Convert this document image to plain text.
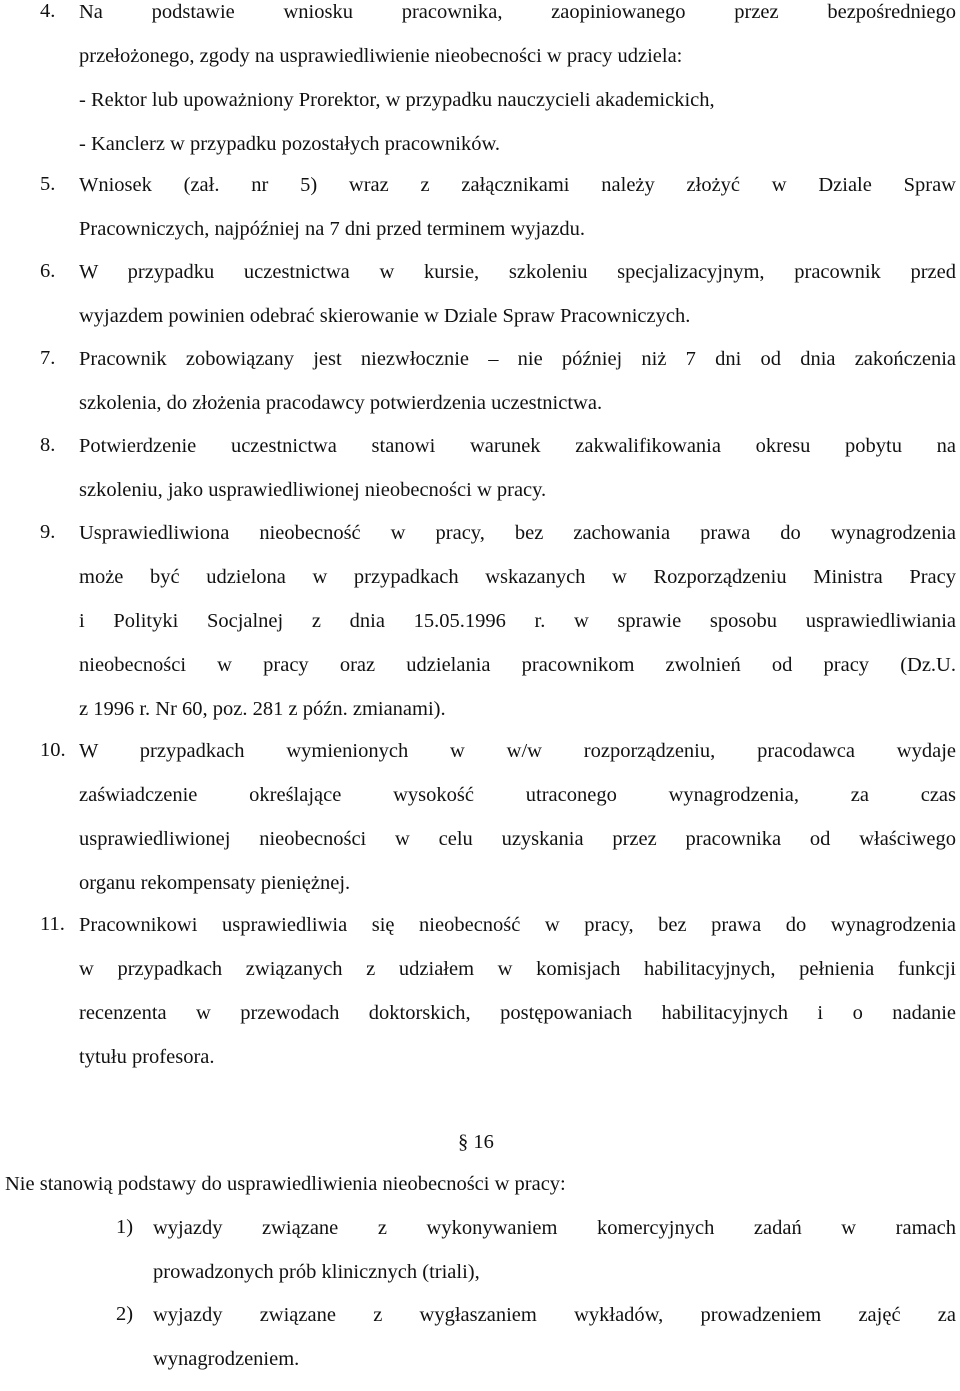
4. Na podstawie wniosku pracownika, zaopiniowanego przez bezpośredniego
przełożonego, zgody na usprawiedliwienie nieobecności w pracy udziela:
- Rektor lub upoważniony Prorektor, w przypadku nauczycieli akademickich,
- Kanclerz w przypadku pozostałych pracowników.
5. Wniosek (zał. nr 5) wraz z załącznikami należy złożyć w Dziale Spraw
Pracowniczych, najpóźniej na 7 dni przed terminem wyjazdu.
6. W przypadku uczestnictwa w kursie, szkoleniu specjalizacyjnym, pracownik przed
wyjazdem powinien odebrać skierowanie w Dziale Spraw Pracowniczych.
7. Pracownik zobowiązany jest niezwłocznie – nie później niż 7 dni od dnia zakończenia
szkolenia, do złożenia pracodawcy potwierdzenia uczestnictwa.
8. Potwierdzenie uczestnictwa stanowi warunek zakwalifikowania okresu pobytu na
szkoleniu, jako usprawiedliwionej nieobecności w pracy.
9. Usprawiedliwiona nieobecność w pracy, bez zachowania prawa do wynagrodzenia
może być udzielona w przypadkach wskazanych w Rozporządzeniu Ministra Pracy
i Polityki Socjalnej z dnia 15.05.1996 r. w sprawie sposobu usprawiedliwiania
nieobecności w pracy oraz udzielania pracownikom zwolnień od pracy (Dz.U.
z 1996 r. Nr 60, poz. 281 z późn. zmianami).
10. W przypadkach wymienionych w w/w rozporządzeniu, pracodawca wydaje
zaświadczenie określające wysokość utraconego wynagrodzenia, za czas
usprawiedliwionej nieobecności w celu uzyskania przez pracownika od właściwego
organu rekompensaty pieniężnej.
11. Pracownikowi usprawiedliwia się nieobecność w pracy, bez prawa do wynagrodzenia
w przypadkach związanych z udziałem w komisjach habilitacyjnych, pełnienia funkcji
recenzenta w przewodach doktorskich, postępowaniach habilitacyjnych i o nadanie
tytułu profesora.
§ 16
Nie stanowią podstawy do usprawiedliwienia nieobecności w pracy:
1) wyjazdy związane z wykonywaniem komercyjnych zadań w ramach
prowadzonych prób klinicznych (triali),
2) wyjazdy związane z wygłaszaniem wykładów, prowadzeniem zajęć za
wynagrodzeniem.
